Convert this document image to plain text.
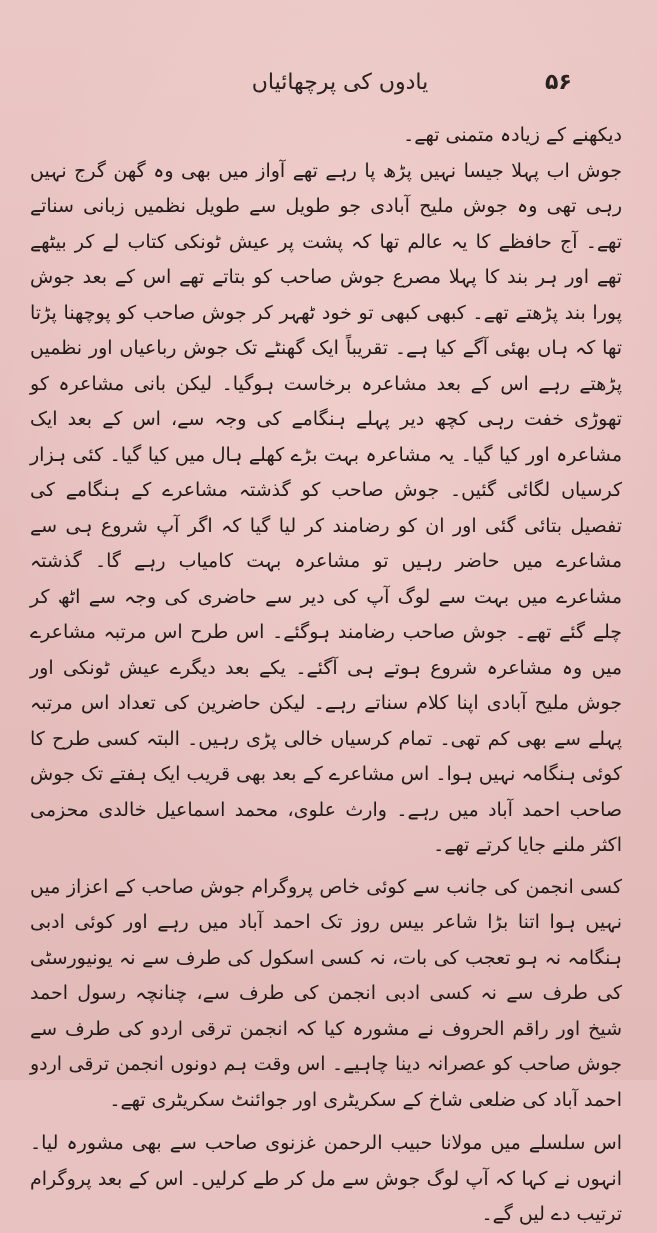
یادوں کی پرچھائیاں	۵۶

دیکھنے کے زیادہ متمنی تھے۔

جوش اب پہلا جیسا نہیں پڑھ پا رہے تھے آواز میں بھی وہ گھن گرج نہیں رہی تھی وہ جوش ملیح آبادی جو طویل سے طویل نظمیں زبانی سناتے تھے۔ آج حافظے کا یہ عالم تھا کہ پشت پر عیش ٹونکی کتاب لے کر بیٹھے تھے اور ہر بند کا پہلا مصرع جوش صاحب کو بتاتے تھے اس کے بعد جوش پورا بند پڑھتے تھے۔ کبھی کبھی تو خود ٹھہر کر جوش صاحب کو پوچھنا پڑتا تھا کہ ہاں بھئی آگے کیا ہے۔ تقریباً ایک گھنٹے تک جوش رباعیاں اور نظمیں پڑھتے رہے اس کے بعد مشاعرہ برخاست ہوگیا۔ لیکن بانی مشاعرہ کو تھوڑی خفت رہی کچھ دیر پہلے ہنگامے کی وجہ سے، اس کے بعد ایک مشاعرہ اور کیا گیا۔ یہ مشاعرہ بہت بڑے کھلے ہال میں کیا گیا۔ کئی ہزار کرسیاں لگائی گئیں۔ جوش صاحب کو گذشتہ مشاعرے کے ہنگامے کی تفصیل بتائی گئی اور ان کو رضامند کر لیا گیا کہ اگر آپ شروع ہی سے مشاعرے میں حاضر رہیں تو مشاعرہ بہت کامیاب رہے گا۔ گذشتہ مشاعرے میں بہت سے لوگ آپ کی دیر سے حاضری کی وجہ سے اٹھ کر چلے گئے تھے۔ جوش صاحب رضامند ہوگئے۔ اس طرح اس مرتبہ مشاعرے میں وہ مشاعرہ شروع ہوتے ہی آگئے۔ یکے بعد دیگرے عیش ٹونکی اور جوش ملیح آبادی اپنا کلام سناتے رہے۔ لیکن حاضرین کی تعداد اس مرتبہ پہلے سے بھی کم تھی۔ تمام کرسیاں خالی پڑی رہیں۔ البتہ کسی طرح کا کوئی ہنگامہ نہیں ہوا۔ اس مشاعرے کے بعد بھی قریب ایک ہفتے تک جوش صاحب احمد آباد میں رہے۔ وارث علوی، محمد اسماعیل خالدی محزمی اکثر ملنے جایا کرتے تھے۔

کسی انجمن کی جانب سے کوئی خاص پروگرام جوش صاحب کے اعزاز میں نہیں ہوا اتنا بڑا شاعر بیس روز تک احمد آباد میں رہے اور کوئی ادبی ہنگامہ نہ ہو تعجب کی بات، نہ کسی اسکول کی طرف سے نہ یونیورسٹی کی طرف سے نہ کسی ادبی انجمن کی طرف سے، چنانچہ رسول احمد شیخ اور راقم الحروف نے مشورہ کیا کہ انجمن ترقی اردو کی طرف سے جوش صاحب کو عصرانہ دینا چاہیے۔ اس وقت ہم دونوں انجمن ترقی اردو احمد آباد کی ضلعی شاخ کے سکریٹری اور جوائنٹ سکریٹری تھے۔

اس سلسلے میں مولانا حبیب الرحمن غزنوی صاحب سے بھی مشورہ لیا۔ انہوں نے کہا کہ آپ لوگ جوش سے مل کر طے کرلیں۔ اس کے بعد پروگرام ترتیب دے لیں گے۔
